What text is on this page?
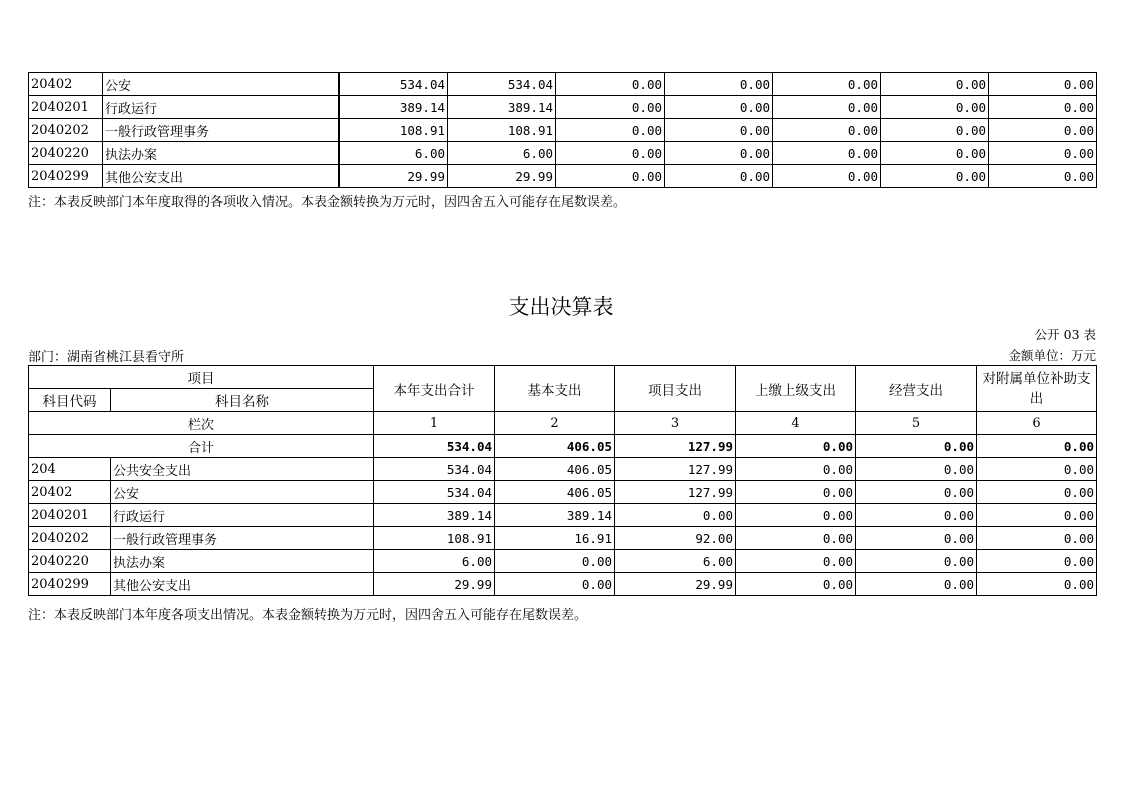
20402	公安	534.04	534.04	0.00	0.00	0.00	0.00	0.00
2040201	行政运行	389.14	389.14	0.00	0.00	0.00	0.00	0.00
2040202	一般行政管理事务	108.91	108.91	0.00	0.00	0.00	0.00	0.00
2040220	执法办案	6.00	6.00	0.00	0.00	0.00	0.00	0.00
2040299	其他公安支出	29.99	29.99	0.00	0.00	0.00	0.00	0.00
注：本表反映部门本年度取得的各项收入情况。本表金额转换为万元时，因四舍五入可能存在尾数误差。
支出决算表
公开 03 表
部门：湖南省桃江县看守所	金额单位：万元
项目		本年支出合计	基本支出	项目支出	上缴上级支出	经营支出	对附属单位补助支出
科目代码	科目名称						
栏次		1	2	3	4	5	6
合计		534.04	406.05	127.99	0.00	0.00	0.00
204	公共安全支出	534.04	406.05	127.99	0.00	0.00	0.00
20402	公安	534.04	406.05	127.99	0.00	0.00	0.00
2040201	行政运行	389.14	389.14	0.00	0.00	0.00	0.00
2040202	一般行政管理事务	108.91	16.91	92.00	0.00	0.00	0.00
2040220	执法办案	6.00	0.00	6.00	0.00	0.00	0.00
2040299	其他公安支出	29.99	0.00	29.99	0.00	0.00	0.00
注：本表反映部门本年度各项支出情况。本表金额转换为万元时，因四舍五入可能存在尾数误差。
